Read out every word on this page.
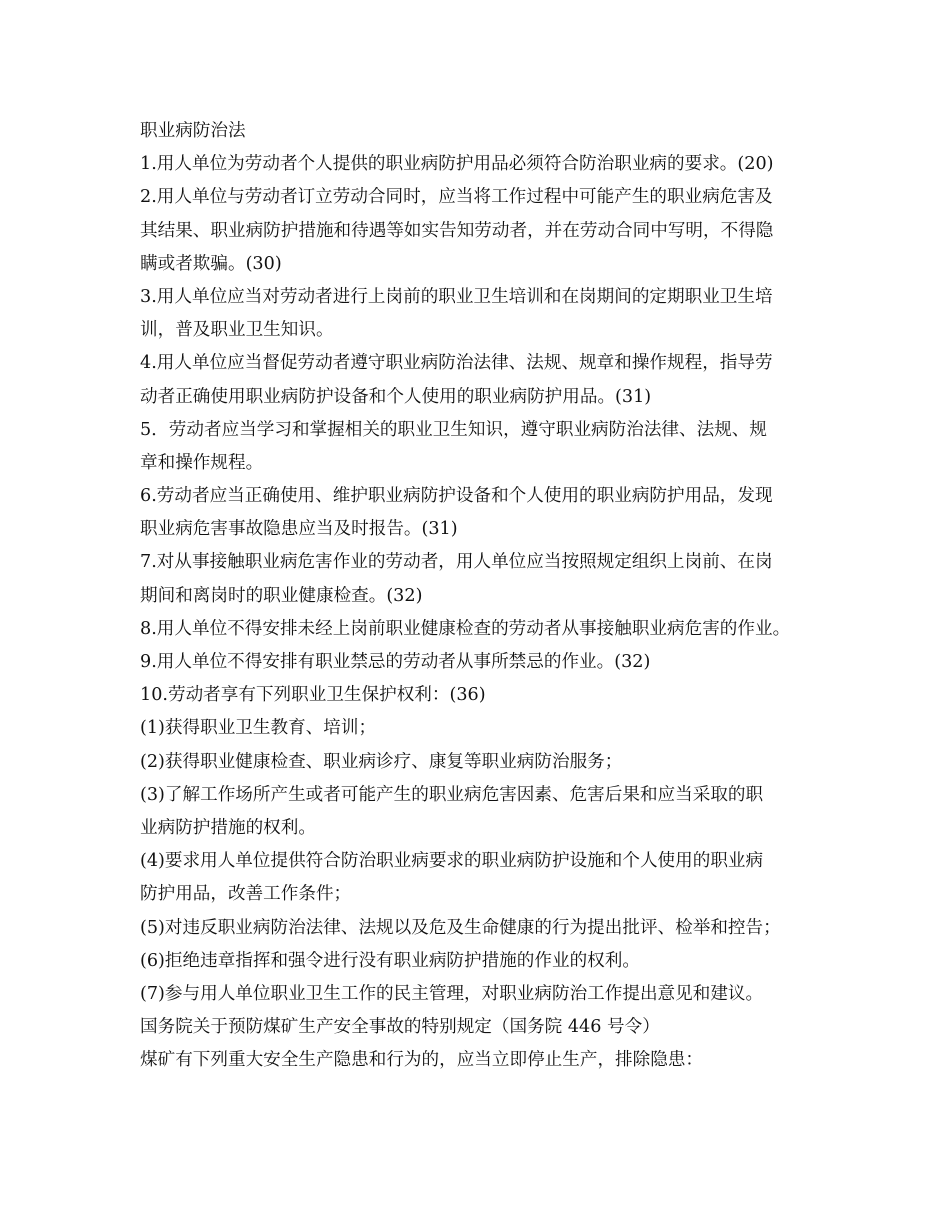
职业病防治法

1.用人单位为劳动者个人提供的职业病防护用品必须符合防治职业病的要求。(20)

2.用人单位与劳动者订立劳动合同时，应当将工作过程中可能产生的职业病危害及

其结果、职业病防护措施和待遇等如实告知劳动者，并在劳动合同中写明，不得隐

瞒或者欺骗。(30)

3.用人单位应当对劳动者进行上岗前的职业卫生培训和在岗期间的定期职业卫生培

训，普及职业卫生知识。

4.用人单位应当督促劳动者遵守职业病防治法律、法规、规章和操作规程，指导劳

动者正确使用职业病防护设备和个人使用的职业病防护用品。(31)

5．劳动者应当学习和掌握相关的职业卫生知识，遵守职业病防治法律、法规、规

章和操作规程。

6.劳动者应当正确使用、维护职业病防护设备和个人使用的职业病防护用品，发现

职业病危害事故隐患应当及时报告。(31)

7.对从事接触职业病危害作业的劳动者，用人单位应当按照规定组织上岗前、在岗

期间和离岗时的职业健康检查。(32)

8.用人单位不得安排未经上岗前职业健康检查的劳动者从事接触职业病危害的作业。

9.用人单位不得安排有职业禁忌的劳动者从事所禁忌的作业。(32)

10.劳动者享有下列职业卫生保护权利：(36)

(1)获得职业卫生教育、培训；

(2)获得职业健康检查、职业病诊疗、康复等职业病防治服务；

(3)了解工作场所产生或者可能产生的职业病危害因素、危害后果和应当采取的职

业病防护措施的权利。

(4)要求用人单位提供符合防治职业病要求的职业病防护设施和个人使用的职业病

防护用品，改善工作条件；

(5)对违反职业病防治法律、法规以及危及生命健康的行为提出批评、检举和控告；

(6)拒绝违章指挥和强令进行没有职业病防护措施的作业的权利。

(7)参与用人单位职业卫生工作的民主管理，对职业病防治工作提出意见和建议。

国务院关于预防煤矿生产安全事故的特别规定（国务院 446 号令）

煤矿有下列重大安全生产隐患和行为的，应当立即停止生产，排除隐患：
